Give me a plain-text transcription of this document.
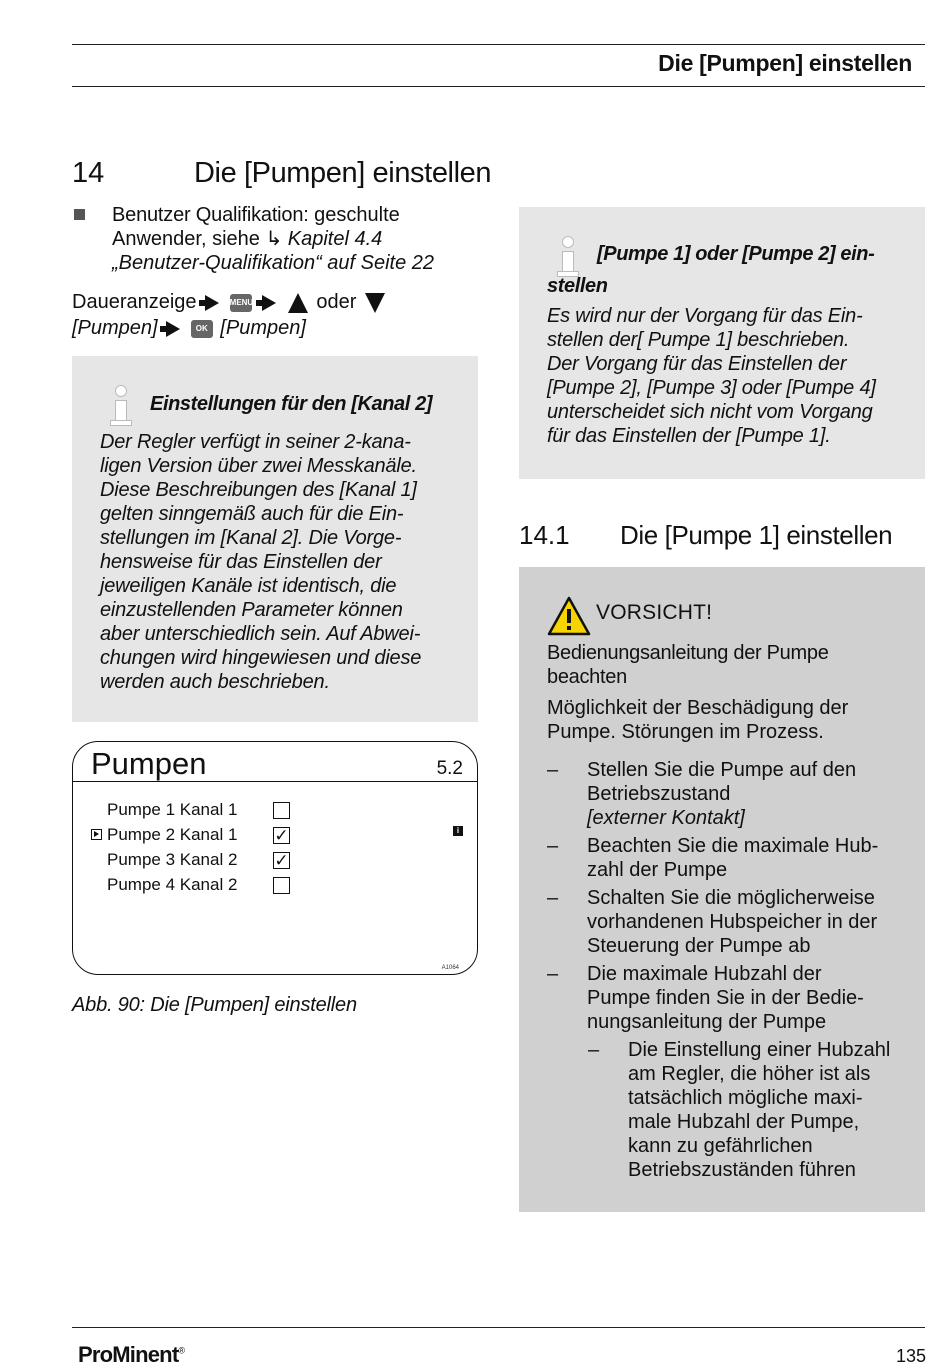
Die [Pumpen] einstellen
14	Die [Pumpen] einstellen
Benutzer Qualifikation: geschulte Anwender, siehe ↳ Kapitel 4.4 „Benutzer-Qualifikation“ auf Seite 22
Daueranzeige	MENU	oder
[Pumpen]	OK [Pumpen]
Einstellungen für den [Kanal 2]
Der Regler verfügt in seiner 2-kana-
ligen Version über zwei Messkanäle.
Diese Beschreibungen des [Kanal 1]
gelten sinngemäß auch für die Ein-
stellungen im [Kanal 2]. Die Vorge-
hensweise für das Einstellen der
jeweiligen Kanäle ist identisch, die
einzustellenden Parameter können
aber unterschiedlich sein. Auf Abwei-
chungen wird hingewiesen und diese
werden auch beschrieben.
Pumpen	5.2
Pumpe 1 Kanal 1
Pumpe 2 Kanal 1 ✓
Pumpe 3 Kanal 2 ✓
Pumpe 4 Kanal 2
i
A1064
Abb. 90: Die [Pumpen] einstellen
[Pumpe 1] oder [Pumpe 2] ein-
stellen
Es wird nur der Vorgang für das Ein-
stellen der[ Pumpe 1] beschrieben.
Der Vorgang für das Einstellen der
[Pumpe 2], [Pumpe 3] oder [Pumpe 4]
unterscheidet sich nicht vom Vorgang
für das Einstellen der [Pumpe 1].
14.1 Die [Pumpe 1] einstellen
VORSICHT!
Bedienungsanleitung der Pumpe
beachten
Möglichkeit der Beschädigung der
Pumpe. Störungen im Prozess.
– Stellen Sie die Pumpe auf den
Betriebszustand
[externer Kontakt]
– Beachten Sie die maximale Hub-
zahl der Pumpe
– Schalten Sie die möglicherweise
vorhandenen Hubspeicher in der
Steuerung der Pumpe ab
– Die maximale Hubzahl der
Pumpe finden Sie in der Bedie-
nungsanleitung der Pumpe
– Die Einstellung einer Hubzahl
am Regler, die höher ist als
tatsächlich mögliche maxi-
male Hubzahl der Pumpe,
kann zu gefährlichen
Betriebszuständen führen
ProMinent®	135
